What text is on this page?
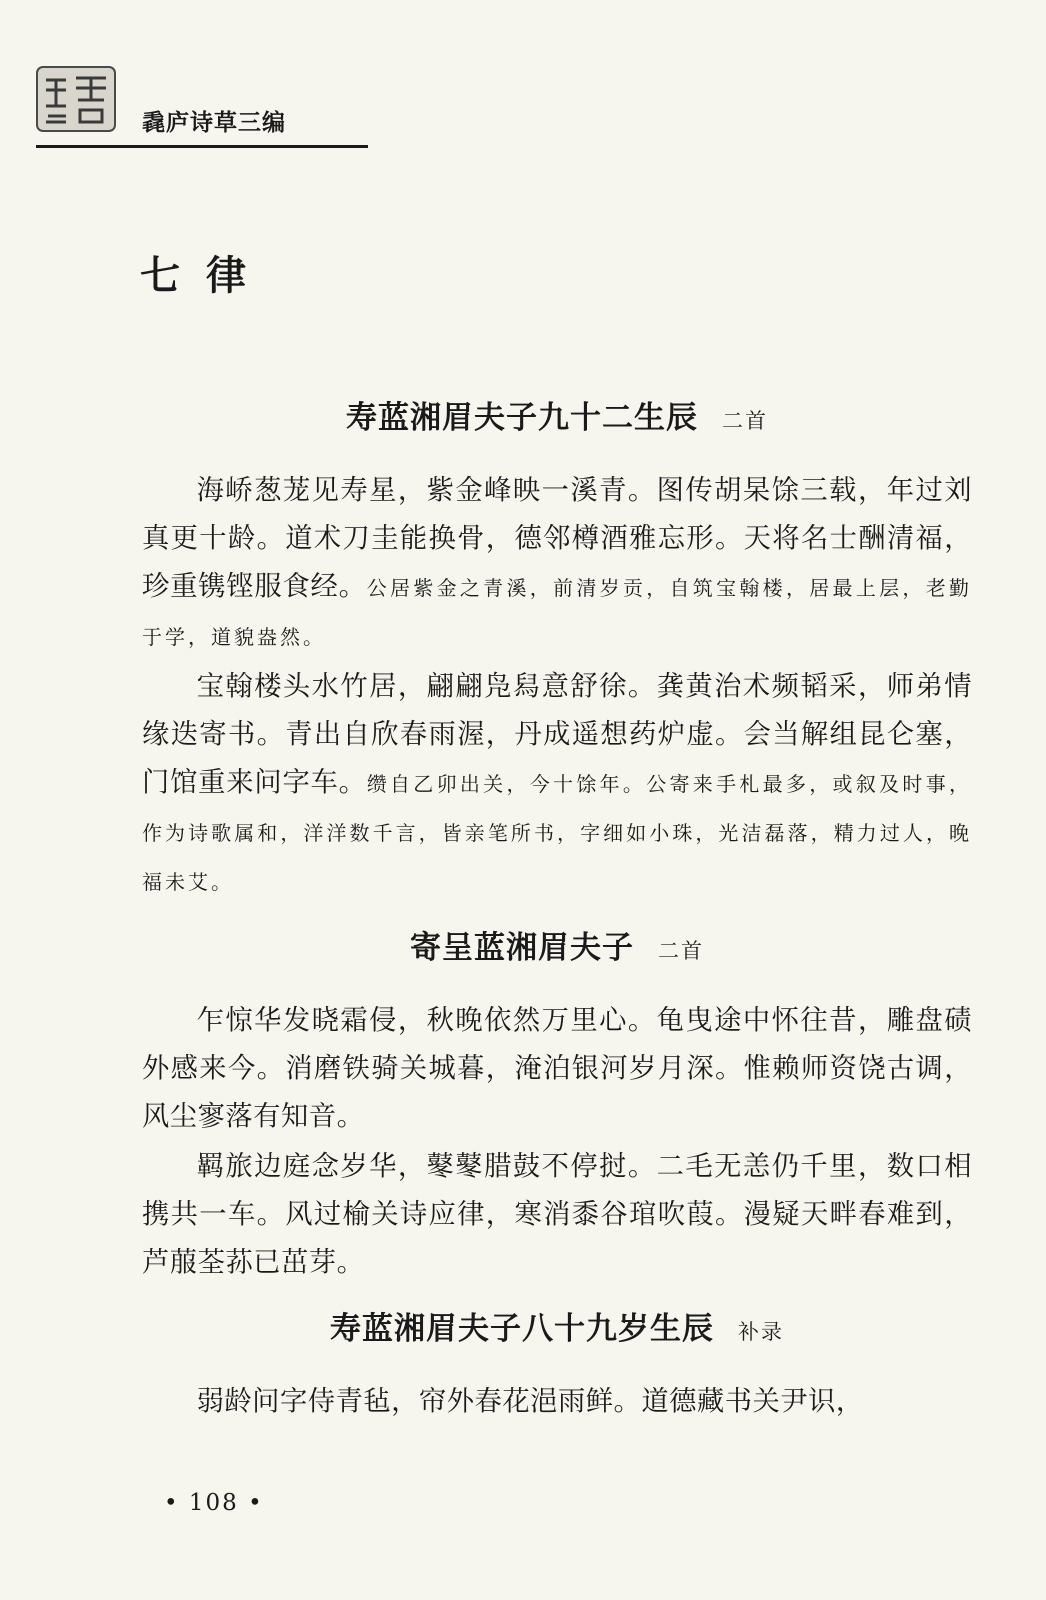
毳庐诗草三编
七律
寿蓝湘眉夫子九十二生辰 二首

海峤葱茏见寿星，紫金峰映一溪青。图传胡杲馀三载，年过刘真更十龄。道术刀圭能换骨，德邻樽酒雅忘形。天将名士酬清福，珍重镌铿服食经。公居紫金之青溪，前清岁贡，自筑宝翰楼，居最上层，老勤于学，道貌盎然。

宝翰楼头水竹居，翩翩凫舄意舒徐。龚黄治术频韬采，师弟情缘迭寄书。青出自欣春雨渥，丹成遥想药炉虚。会当解组昆仑塞，门馆重来问字车。缵自乙卯出关，今十馀年。公寄来手札最多，或叙及时事，作为诗歌属和，洋洋数千言，皆亲笔所书，字细如小珠，光洁磊落，精力过人，晚福未艾。

寄呈蓝湘眉夫子 二首

乍惊华发晓霜侵，秋晚依然万里心。龟曳途中怀往昔，雕盘碛外感来今。消磨铁骑关城暮，淹泊银河岁月深。惟赖师资饶古调，风尘寥落有知音。

羁旅边庭念岁华，鼕鼕腊鼓不停挝。二毛无恙仍千里，数口相携共一车。风过榆关诗应律，寒消黍谷琯吹葭。漫疑天畔春难到，芦菔荃荪已茁芽。

寿蓝湘眉夫子八十九岁生辰 补录

弱龄问字侍青毡，帘外春花浥雨鲜。道德藏书关尹识，

• 108 •
